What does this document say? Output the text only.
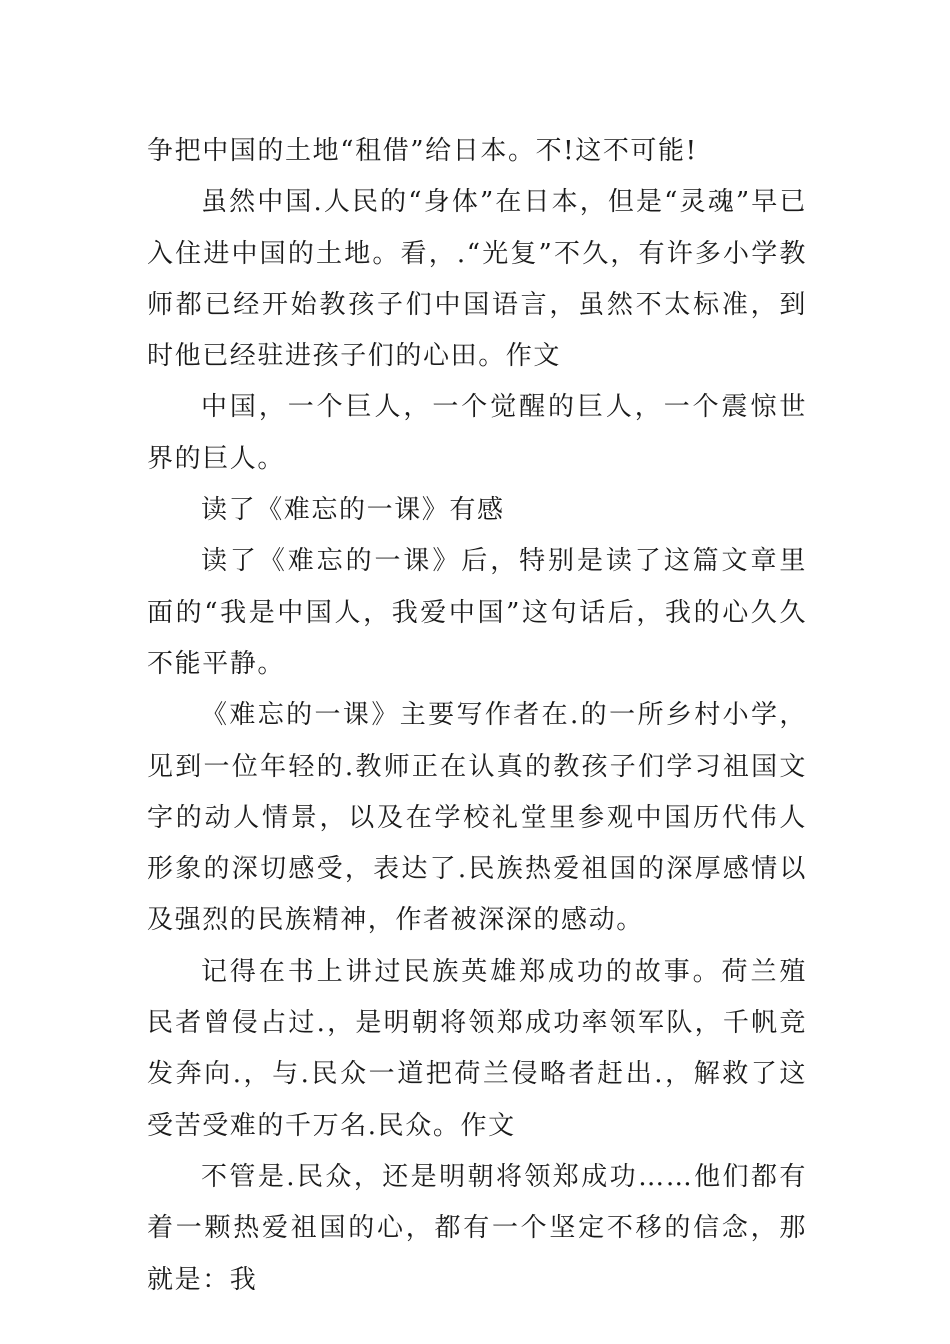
争把中国的土地“租借”给日本。不!这不可能!

虽然中国.人民的“身体”在日本，但是“灵魂”早已入住进中国的土地。看，.“光复”不久，有许多小学教师都已经开始教孩子们中国语言，虽然不太标准，到时他已经驻进孩子们的心田。作文

中国，一个巨人，一个觉醒的巨人，一个震惊世界的巨人。

读了《难忘的一课》有感

读了《难忘的一课》后，特别是读了这篇文章里面的“我是中国人，我爱中国”这句话后，我的心久久不能平静。

《难忘的一课》主要写作者在.的一所乡村小学，见到一位年轻的.教师正在认真的教孩子们学习祖国文字的动人情景，以及在学校礼堂里参观中国历代伟人形象的深切感受，表达了.民族热爱祖国的深厚感情以及强烈的民族精神，作者被深深的感动。

记得在书上讲过民族英雄郑成功的故事。荷兰殖民者曾侵占过.，是明朝将领郑成功率领军队，千帆竞发奔向.，与.民众一道把荷兰侵略者赶出.，解救了这受苦受难的千万名.民众。作文

不管是.民众，还是明朝将领郑成功……他们都有着一颗热爱祖国的心，都有一个坚定不移的信念，那就是：我
